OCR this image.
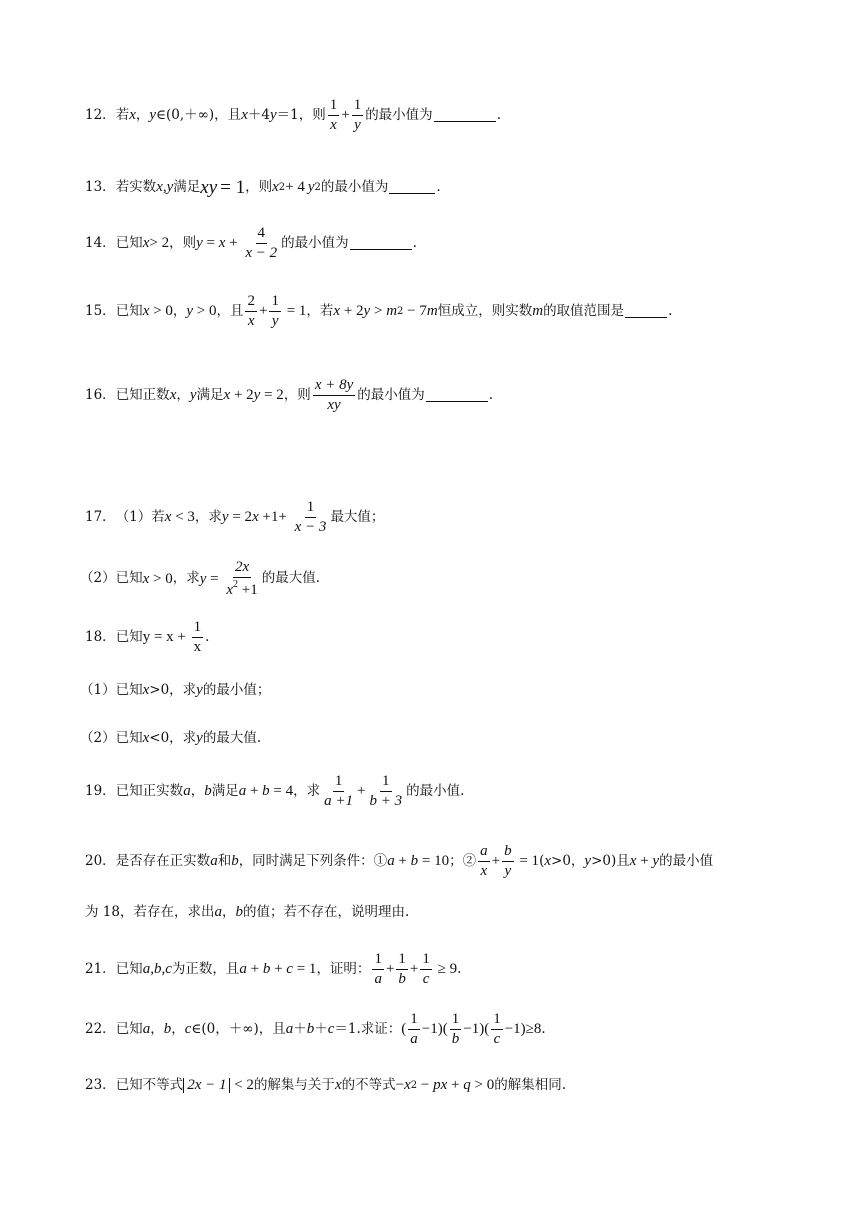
12． 若 x ， y ∈(0,＋∞)，且 x ＋4 y ＝1，则 $\frac{1}{x} + \frac{1}{y}$ 的最小值为	.
13． 若实数 x,y 满足 xy = 1 ，则 x 2 + 4 y 2 的最小值为	.
14． 已知 x > 2 ，则 $y = x + \frac{4}{x - 2}$ 的最小值为	.
15． 已知 x > 0 ， y > 0 ，且 $\frac{2}{x} + \frac{1}{y} = 1$ ，若 x + 2 y > m 2 − 7 m 恒成立，则实数 m 的取值范围是	.
16． 已知正数 x ， y 满足 x + 2 y = 2 ，则 $\frac{x + 8y}{xy}$ 的最小值为	.
17． （1）若 x < 3 ，求 y = 2 $x +1+ \frac{1}{x - 3}$ 最大值；
（2）已知 x > 0 ，求 $y = \frac{2x}{x^2 +1}$ 的最大值 .
18． 已知 $y = x + \frac{1}{x}$ .
（1）已知 x >0，求 y 的最小值；
（2）已知 x <0，求 y 的最大值 .
19． 已知正实数 a ， b 满足 a + b = 4 ，求 $\frac{1}{a +1} + \frac{1}{b + 3}$ 的最小值 .
20． 是否存在正实数 a 和 b ，同时满足下列条件：① a + b = 10 ；② $\frac{a}{x} + \frac{b}{y} = 1$ ( x >0， y >0)且 x + y 的最小值
为 18，若存在，求出 a ， b 的值；若不存在，说明理由 .
21． 已知 a,b,c 为正数，且 a + b + c = 1 ，证明： $\frac{1}{a} + \frac{1}{b} + \frac{1}{c} \ge 9$ .
22． 已知 a ， b ， c ∈(0，＋∞)，且 a ＋ b ＋ c ＝1.求证： ( $\frac{1}{a} -1)( \frac{1}{b} -1)( \frac{1}{c} -1) \ge 8$ .
23． 已知不等式 2x − 1 < 2 的解集与关于 x 的不等式 − x 2 − px + q > 0 的解集相同 .
